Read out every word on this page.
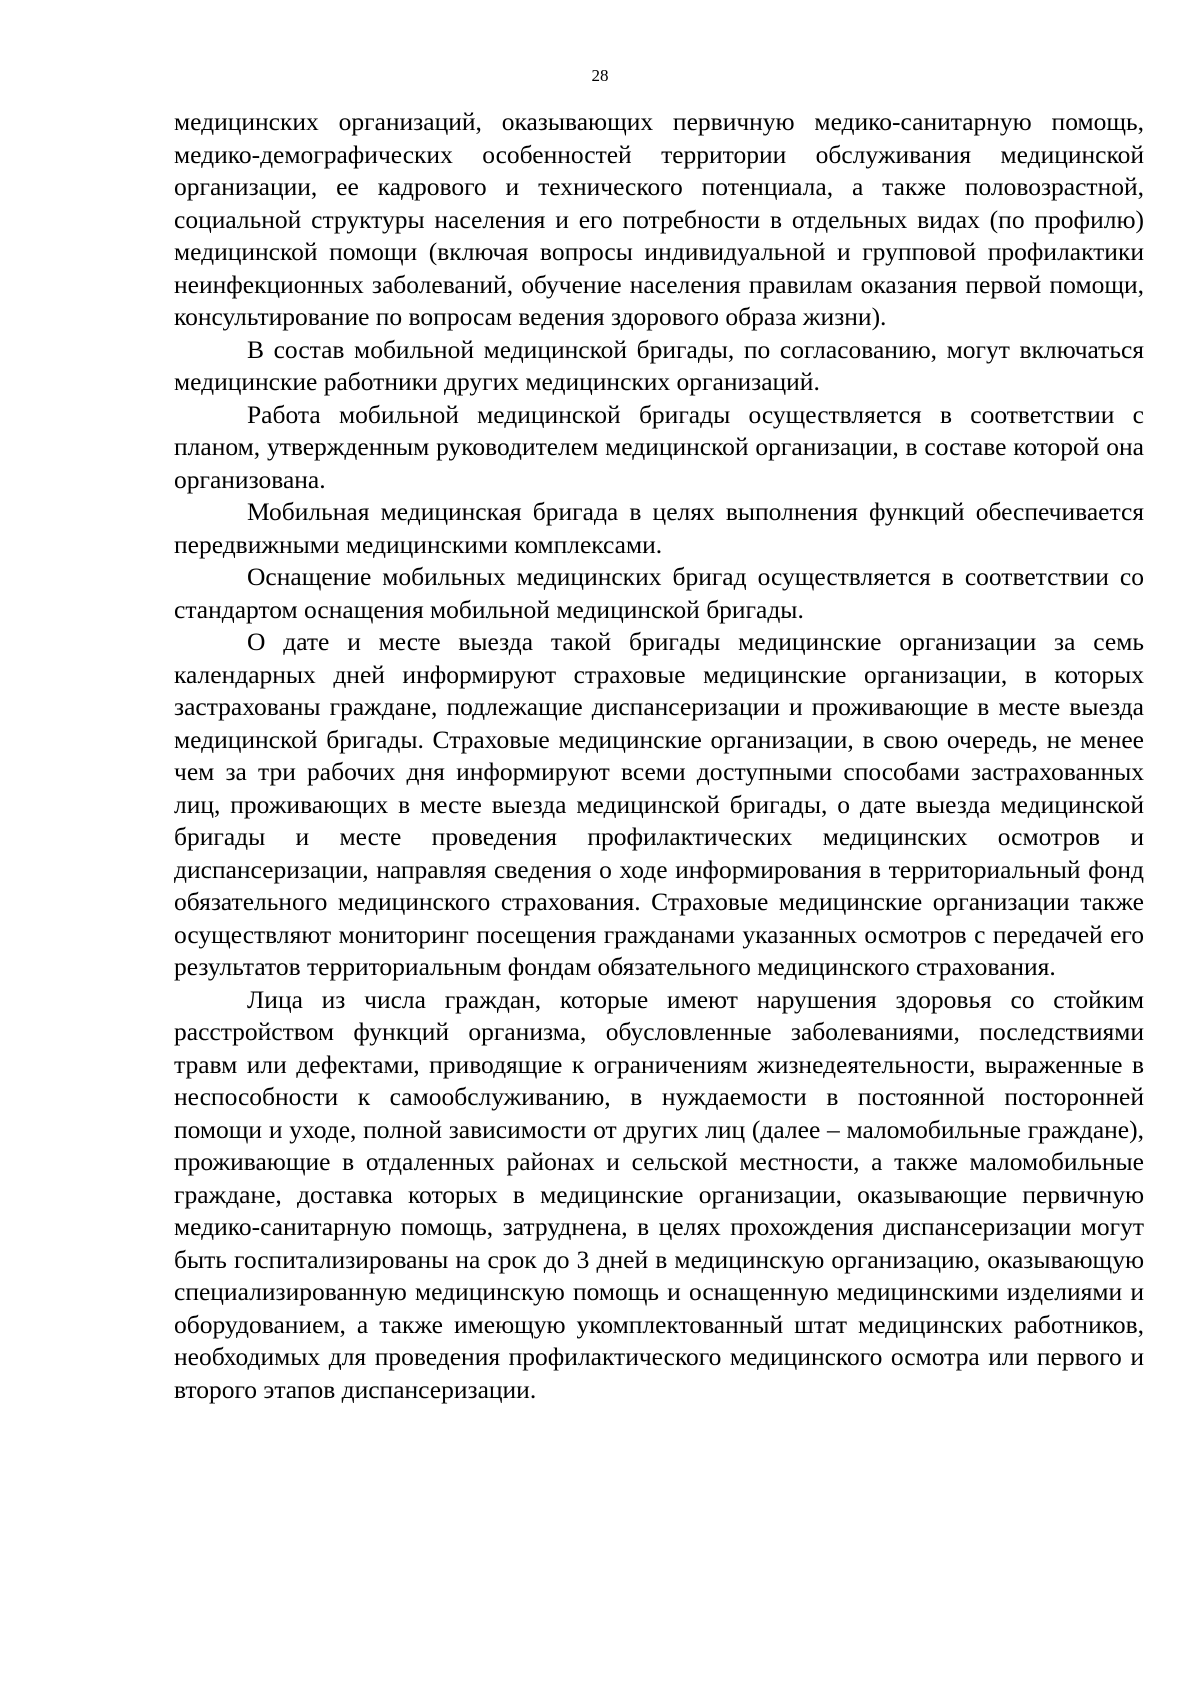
28

медицинских организаций, оказывающих первичную медико-санитарную помощь, медико-демографических особенностей территории обслуживания медицинской организации, ее кадрового и технического потенциала, а также половозрастной, социальной структуры населения и его потребности в отдельных видах (по профилю) медицинской помощи (включая вопросы индивидуальной и групповой профилактики неинфекционных заболеваний, обучение населения правилам оказания первой помощи, консультирование по вопросам ведения здорового образа жизни).

В состав мобильной медицинской бригады, по согласованию, могут включаться медицинские работники других медицинских организаций.

Работа мобильной медицинской бригады осуществляется в соответствии с планом, утвержденным руководителем медицинской организации, в составе которой она организована.

Мобильная медицинская бригада в целях выполнения функций обеспечивается передвижными медицинскими комплексами.

Оснащение мобильных медицинских бригад осуществляется в соответствии со стандартом оснащения мобильной медицинской бригады.

О дате и месте выезда такой бригады медицинские организации за семь календарных дней информируют страховые медицинские организации, в которых застрахованы граждане, подлежащие диспансеризации и проживающие в месте выезда медицинской бригады. Страховые медицинские организации, в свою очередь, не менее чем за три рабочих дня информируют всеми доступными способами застрахованных лиц, проживающих в месте выезда медицинской бригады, о дате выезда медицинской бригады и месте проведения профилактических медицинских осмотров и диспансеризации, направляя сведения о ходе информирования в территориальный фонд обязательного медицинского страхования. Страховые медицинские организации также осуществляют мониторинг посещения гражданами указанных осмотров с передачей его результатов территориальным фондам обязательного медицинского страхования.

Лица из числа граждан, которые имеют нарушения здоровья со стойким расстройством функций организма, обусловленные заболеваниями, последствиями травм или дефектами, приводящие к ограничениям жизнедеятельности, выраженные в неспособности к самообслуживанию, в нуждаемости в постоянной посторонней помощи и уходе, полной зависимости от других лиц (далее – маломобильные граждане), проживающие в отдаленных районах и сельской местности, а также маломобильные граждане, доставка которых в медицинские организации, оказывающие первичную медико-санитарную помощь, затруднена, в целях прохождения диспансеризации могут быть госпитализированы на срок до 3 дней в медицинскую организацию, оказывающую специализированную медицинскую помощь и оснащенную медицинскими изделиями и оборудованием, а также имеющую укомплектованный штат медицинских работников, необходимых для проведения профилактического медицинского осмотра или первого и второго этапов диспансеризации.
